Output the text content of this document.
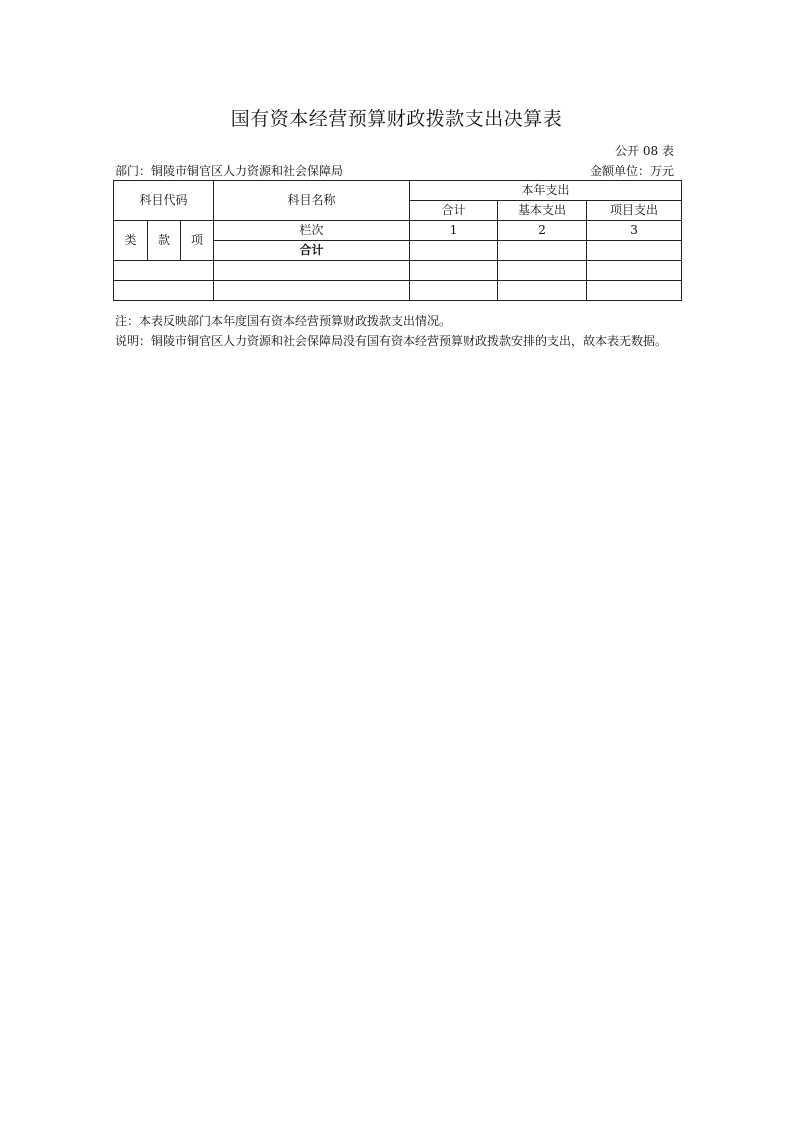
国有资本经营预算财政拨款支出决算表
公开 08 表
部门：铜陵市铜官区人力资源和社会保障局	金额单位：万元
科目代码			科目名称	本年支出		
				合计	基本支出	项目支出
类	款	项	栏次	1	2	3
			合计			

注：本表反映部门本年度国有资本经营预算财政拨款支出情况。
说明：铜陵市铜官区人力资源和社会保障局没有国有资本经营预算财政拨款安排的支出，故本表无数据。
